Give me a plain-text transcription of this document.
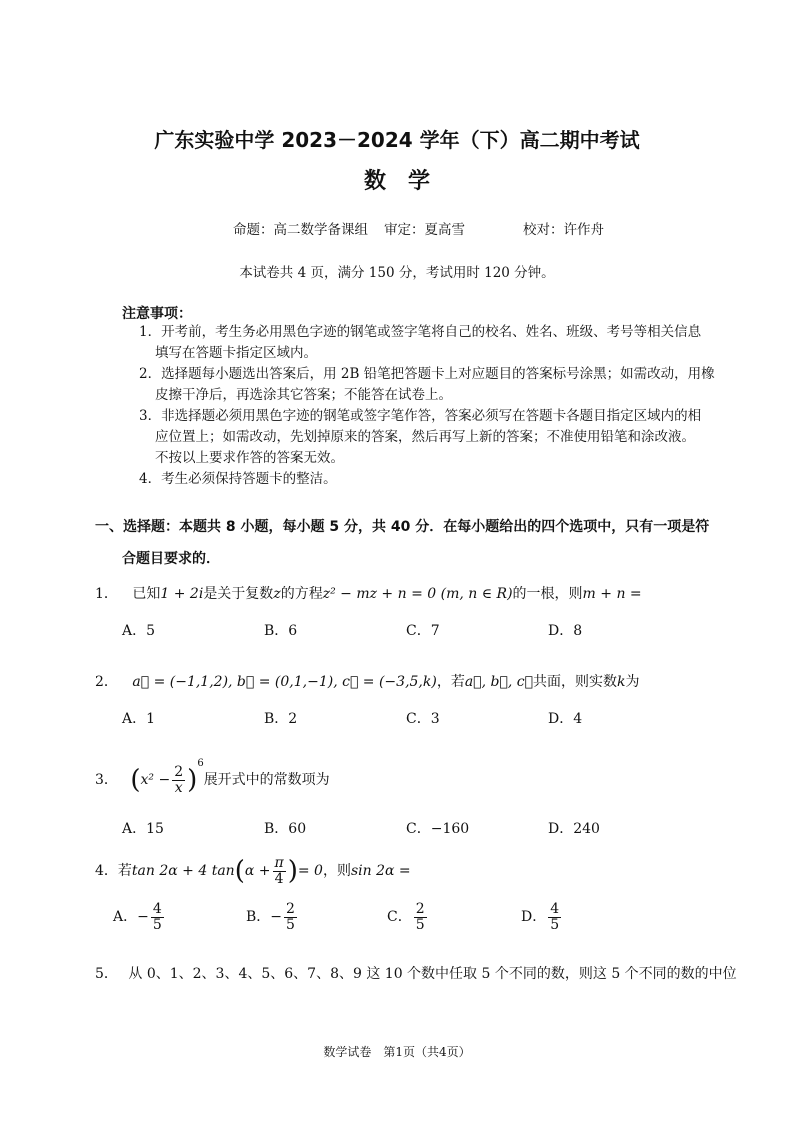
广东实验中学 2023－2024 学年（下）高二期中考试
数学
命题：高二数学备课组 审定：夏高雪	校对：许作舟
本试卷共 4 页，满分 150 分，考试用时 120 分钟。
注意事项：
1．开考前，考生务必用黑色字迹的钢笔或签字笔将自己的校名、姓名、班级、考号等相关信息
填写在答题卡指定区域内。
2．选择题每小题选出答案后，用 2B 铅笔把答题卡上对应题目的答案标号涂黑；如需改动，用橡
皮擦干净后，再选涂其它答案；不能答在试卷上。
3．非选择题必须用黑色字迹的钢笔或签字笔作答，答案必须写在答题卡各题目指定区域内的相
应位置上；如需改动，先划掉原来的答案，然后再写上新的答案；不准使用铅笔和涂改液。
不按以上要求作答的答案无效。
4．考生必须保持答题卡的整洁。
一、选择题：本题共 8 小题，每小题 5 分，共 40 分．在每小题给出的四个选项中，只有一项是符
合题目要求的．
1． 已知1 + 2i是关于复数z的方程z² − mz + n = 0 (m, n ∈ R)的一根，则m + n =
A．5	B．6	C．7	D．8
2． a⃗ = (−1,1,2), b⃗ = (0,1,−1), c⃗ = (−3,5,k)，若a⃗, b⃗, c⃗共面，则实数k为
A．1	B．2	C．3	D．4
3． $(x^2 - \frac{2}{x} )^6$展开式中的常数项为
A．15	B．60	C．−160	D．240
4．若tan 2α + 4 $\tan(\alpha + \frac{\pi}{4}$ )= 0，则sin 2α =
A．− $\frac{4}{5}$	B．− $\frac{2}{5}$	C． $\frac{2}{5}$	D． $\frac{4}{5}$
5． 从 0、1、2、3、4、5、6、7、8、9 这 10 个数中任取 5 个不同的数，则这 5 个不同的数的中位
数学试卷　第1页（共4页）
